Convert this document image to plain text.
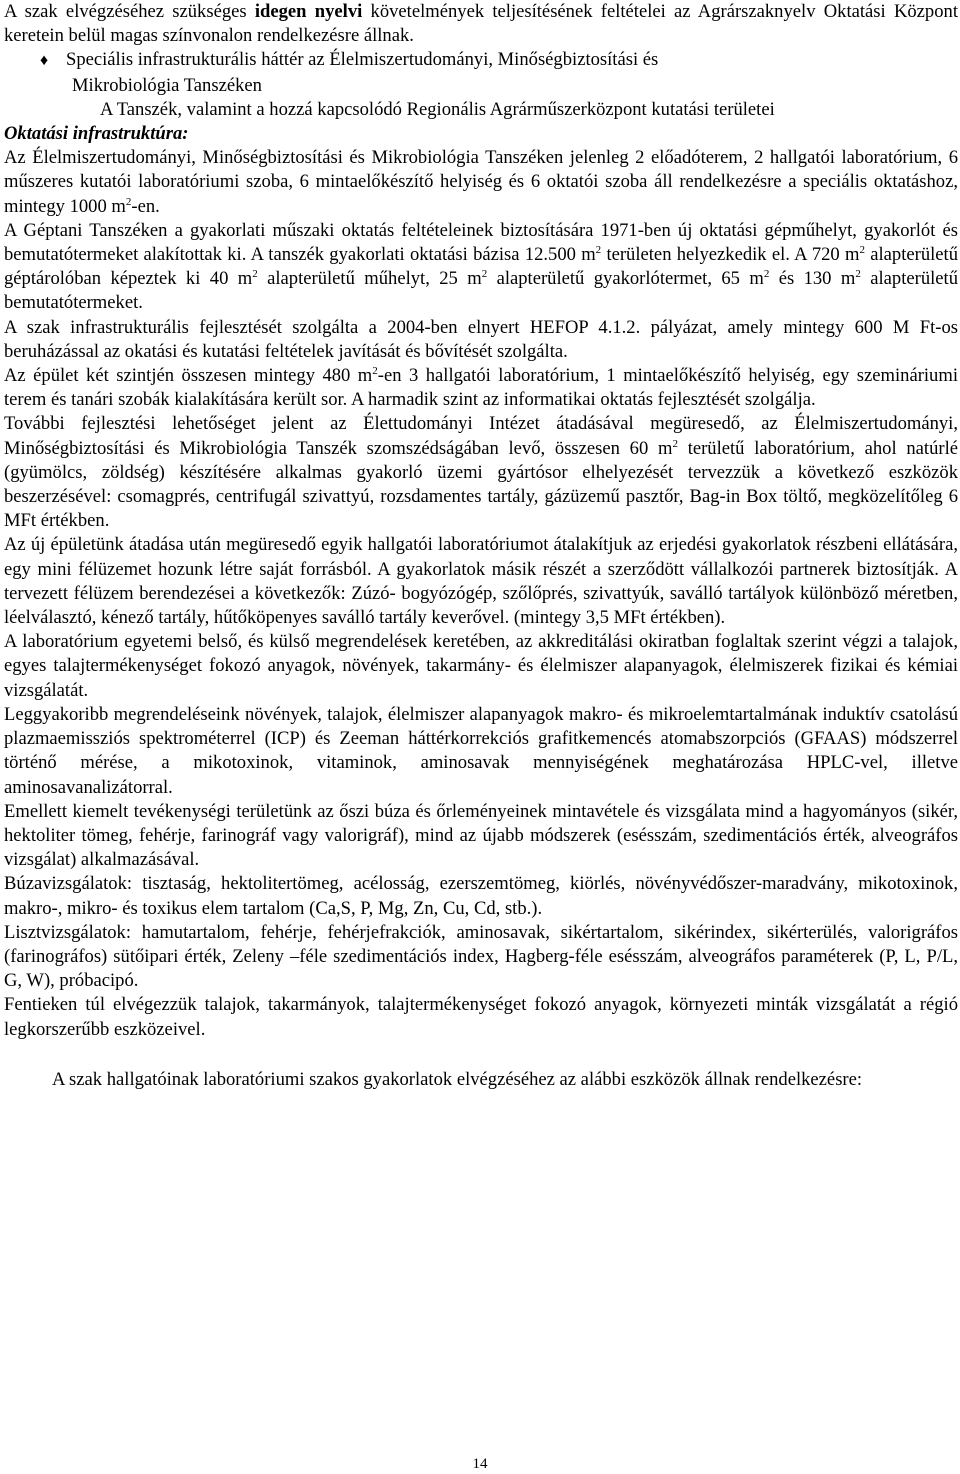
A szak elvégzéséhez szükséges idegen nyelvi követelmények teljesítésének feltételei az Agrárszaknyelv Oktatási Központ keretein belül magas színvonalon rendelkezésre állnak.

♦ Speciális infrastrukturális háttér az Élelmiszertudományi, Minőségbiztosítási és

Mikrobiológia Tanszéken

A Tanszék, valamint a hozzá kapcsolódó Regionális Agrárműszerközpont kutatási területei

Oktatási infrastruktúra:

Az Élelmiszertudományi, Minőségbiztosítási és Mikrobiológia Tanszéken jelenleg 2 előadóterem, 2 hallgatói laboratórium, 6 műszeres kutatói laboratóriumi szoba, 6 mintaelőkészítő helyiség és 6 oktatói szoba áll rendelkezésre a speciális oktatáshoz, mintegy 1000 $m^2-en$.

A Géptani Tanszéken a gyakorlati műszaki oktatás feltételeinek biztosítására 1971-ben új oktatási gépműhelyt, gyakorlót és bemutatótermeket alakítottak ki. A tanszék gyakorlati oktatási bázisa 12.500 $m^2$ területen helyezkedik el. A 720 $m^2$ alapterületű géptárolóban képeztek ki 40 $m^2$ alapterületű műhelyt, 25 $m^2$ alapterületű gyakorlótermet, 65 $m^2$ és 130 $m^2$ alapterületű bemutatótermeket.

A szak infrastrukturális fejlesztését szolgálta a 2004-ben elnyert HEFOP 4.1.2. pályázat, amely mintegy 600 M Ft-os beruházással az okatási és kutatási feltételek javítását és bővítését szolgálta.

Az épület két szintjén összesen mintegy 480 $m^2-en$ 3 hallgatói laboratórium, 1 mintaelőkészítő helyiség, egy szemináriumi terem és tanári szobák kialakítására került sor. A harmadik szint az informatikai oktatás fejlesztését szolgálja.

További fejlesztési lehetőséget jelent az Élettudományi Intézet átadásával megüresedő, az Élelmiszertudományi, Minőségbiztosítási és Mikrobiológia Tanszék szomszédságában levő, összesen 60 $m^2$ területű laboratórium, ahol natúrlé (gyümölcs, zöldség) készítésére alkalmas gyakorló üzemi gyártósor elhelyezését tervezzük a következő eszközök beszerzésével: csomagprés, centrifugál szivattyú, rozsdamentes tartály, gázüzemű pasztőr, Bag-in Box töltő, megközelítőleg 6 MFt értékben.

Az új épületünk átadása után megüresedő egyik hallgatói laboratóriumot átalakítjuk az erjedési gyakorlatok részbeni ellátására, egy mini félüzemet hozunk létre saját forrásból. A gyakorlatok másik részét a szerződött vállalkozói partnerek biztosítják. A tervezett félüzem berendezései a következők: Zúzó- bogyózógép, szőlőprés, szivattyúk, saválló tartályok különböző méretben, léelválasztó, kénező tartály, hűtőköpenyes saválló tartály keverővel. (mintegy 3,5 MFt értékben).

A laboratórium egyetemi belső, és külső megrendelések keretében, az akkreditálási okiratban foglaltak szerint végzi a talajok, egyes talajtermékenységet fokozó anyagok, növények, takarmány- és élelmiszer alapanyagok, élelmiszerek fizikai és kémiai vizsgálatát.

Leggyakoribb megrendeléseink növények, talajok, élelmiszer alapanyagok makro- és mikroelemtartalmának induktív csatolású plazmaemissziós spektrométerrel (ICP) és Zeeman háttérkorrekciós grafitkemencés atomabszorpciós (GFAAS) módszerrel történő mérése, a mikotoxinok, vitaminok, aminosavak mennyiségének meghatározása HPLC-vel, illetve aminosavanalizátorral.

Emellett kiemelt tevékenységi területünk az őszi búza és őrleményeinek mintavétele és vizsgálata mind a hagyományos (sikér, hektoliter tömeg, fehérje, farinográf vagy valorigráf), mind az újabb módszerek (esésszám, szedimentációs érték, alveográfos vizsgálat) alkalmazásával.

Búzavizsgálatok: tisztaság, hektolitertömeg, acélosság, ezerszemtömeg, kiörlés, növényvédőszer-maradvány, mikotoxinok, makro-, mikro- és toxikus elem tartalom (Ca,S, P, Mg, Zn, Cu, Cd, stb.).

Lisztvizsgálatok: hamutartalom, fehérje, fehérjefrakciók, aminosavak, sikértartalom, sikérindex, sikérterülés, valorigráfos (farinográfos) sütőipari érték, Zeleny –féle szedimentációs index, Hagberg-féle esésszám, alveográfos paraméterek (P, L, P/L, G, W), próbacipó.

Fentieken túl elvégezzük talajok, takarmányok, talajtermékenységet fokozó anyagok, környezeti minták vizsgálatát a régió legkorszerűbb eszközeivel.

A szak hallgatóinak laboratóriumi szakos gyakorlatok elvégzéséhez az alábbi eszközök állnak rendelkezésre:

14
